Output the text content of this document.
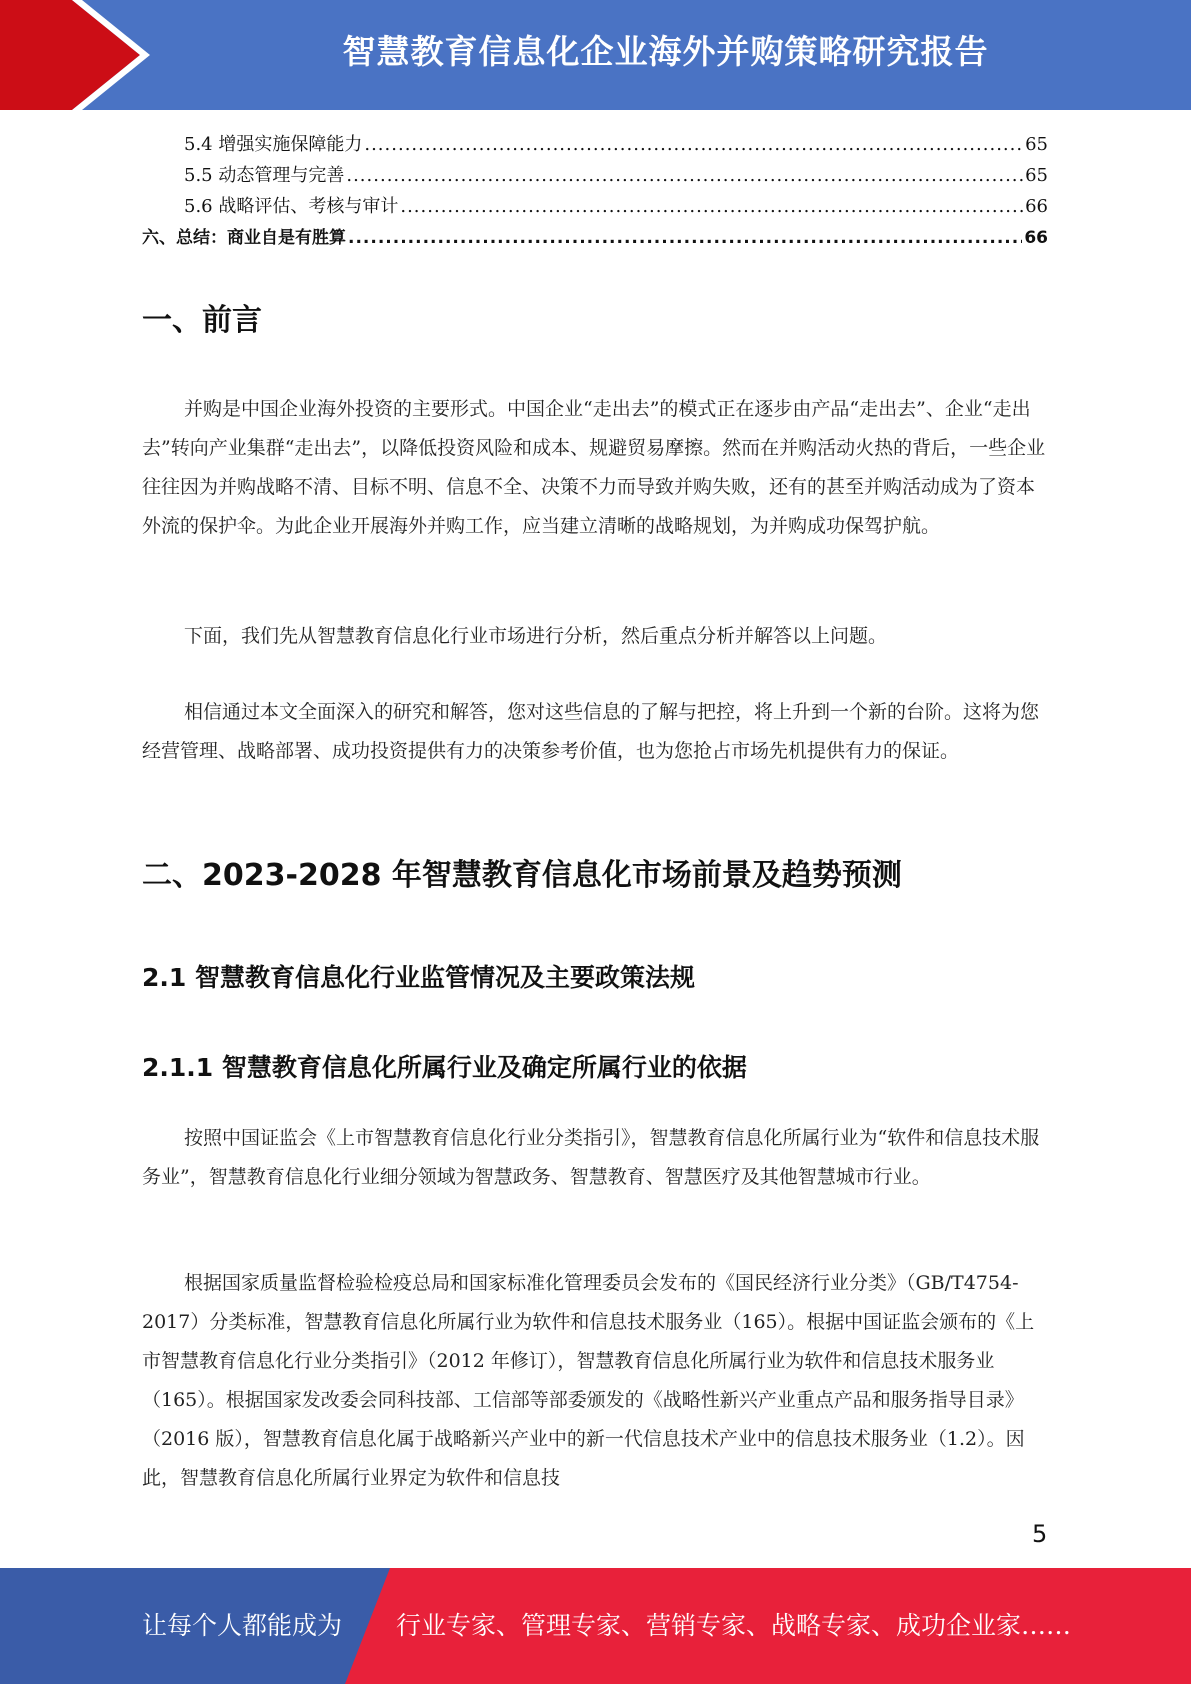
智慧教育信息化企业海外并购策略研究报告
5.4 增强实施保障能力 .....	65
5.5 动态管理与完善 .....	65
5.6 战略评估、考核与审计 .....	66
六、总结：商业自是有胜算 .....	66
一、前言

并购是中国企业海外投资的主要形式。中国企业“走出去”的模式正在逐步由产品“走出去”、企业“走出去”转向产业集群“走出去”，以降低投资风险和成本、规避贸易摩擦。然而在并购活动火热的背后，一些企业往往因为并购战略不清、目标不明、信息不全、决策不力而导致并购失败，还有的甚至并购活动成为了资本外流的保护伞。为此企业开展海外并购工作，应当建立清晰的战略规划，为并购成功保驾护航。

下面，我们先从智慧教育信息化行业市场进行分析，然后重点分析并解答以上问题。

相信通过本文全面深入的研究和解答，您对这些信息的了解与把控，将上升到一个新的台阶。这将为您经营管理、战略部署、成功投资提供有力的决策参考价值，也为您抢占市场先机提供有力的保证。

二、2023-2028 年智慧教育信息化市场前景及趋势预测
2.1 智慧教育信息化行业监管情况及主要政策法规
2.1.1 智慧教育信息化所属行业及确定所属行业的依据

按照中国证监会《上市智慧教育信息化行业分类指引》，智慧教育信息化所属行业为“软件和信息技术服务业”，智慧教育信息化行业细分领域为智慧政务、智慧教育、智慧医疗及其他智慧城市行业。

根据国家质量监督检验检疫总局和国家标准化管理委员会发布的《国民经济行业分类》（GB/T4754-2017）分类标准，智慧教育信息化所属行业为软件和信息技术服务业（165）。根据中国证监会颁布的《上市智慧教育信息化行业分类指引》（2012 年修订），智慧教育信息化所属行业为软件和信息技术服务业（165）。根据国家发改委会同科技部、工信部等部委颁发的《战略性新兴产业重点产品和服务指导目录》（2016 版），智慧教育信息化属于战略新兴产业中的新一代信息技术产业中的信息技术服务业（1.2）。因此，智慧教育信息化所属行业界定为软件和信息技

5
让每个人都能成为 行业专家、管理专家、营销专家、战略专家、成功企业家……
